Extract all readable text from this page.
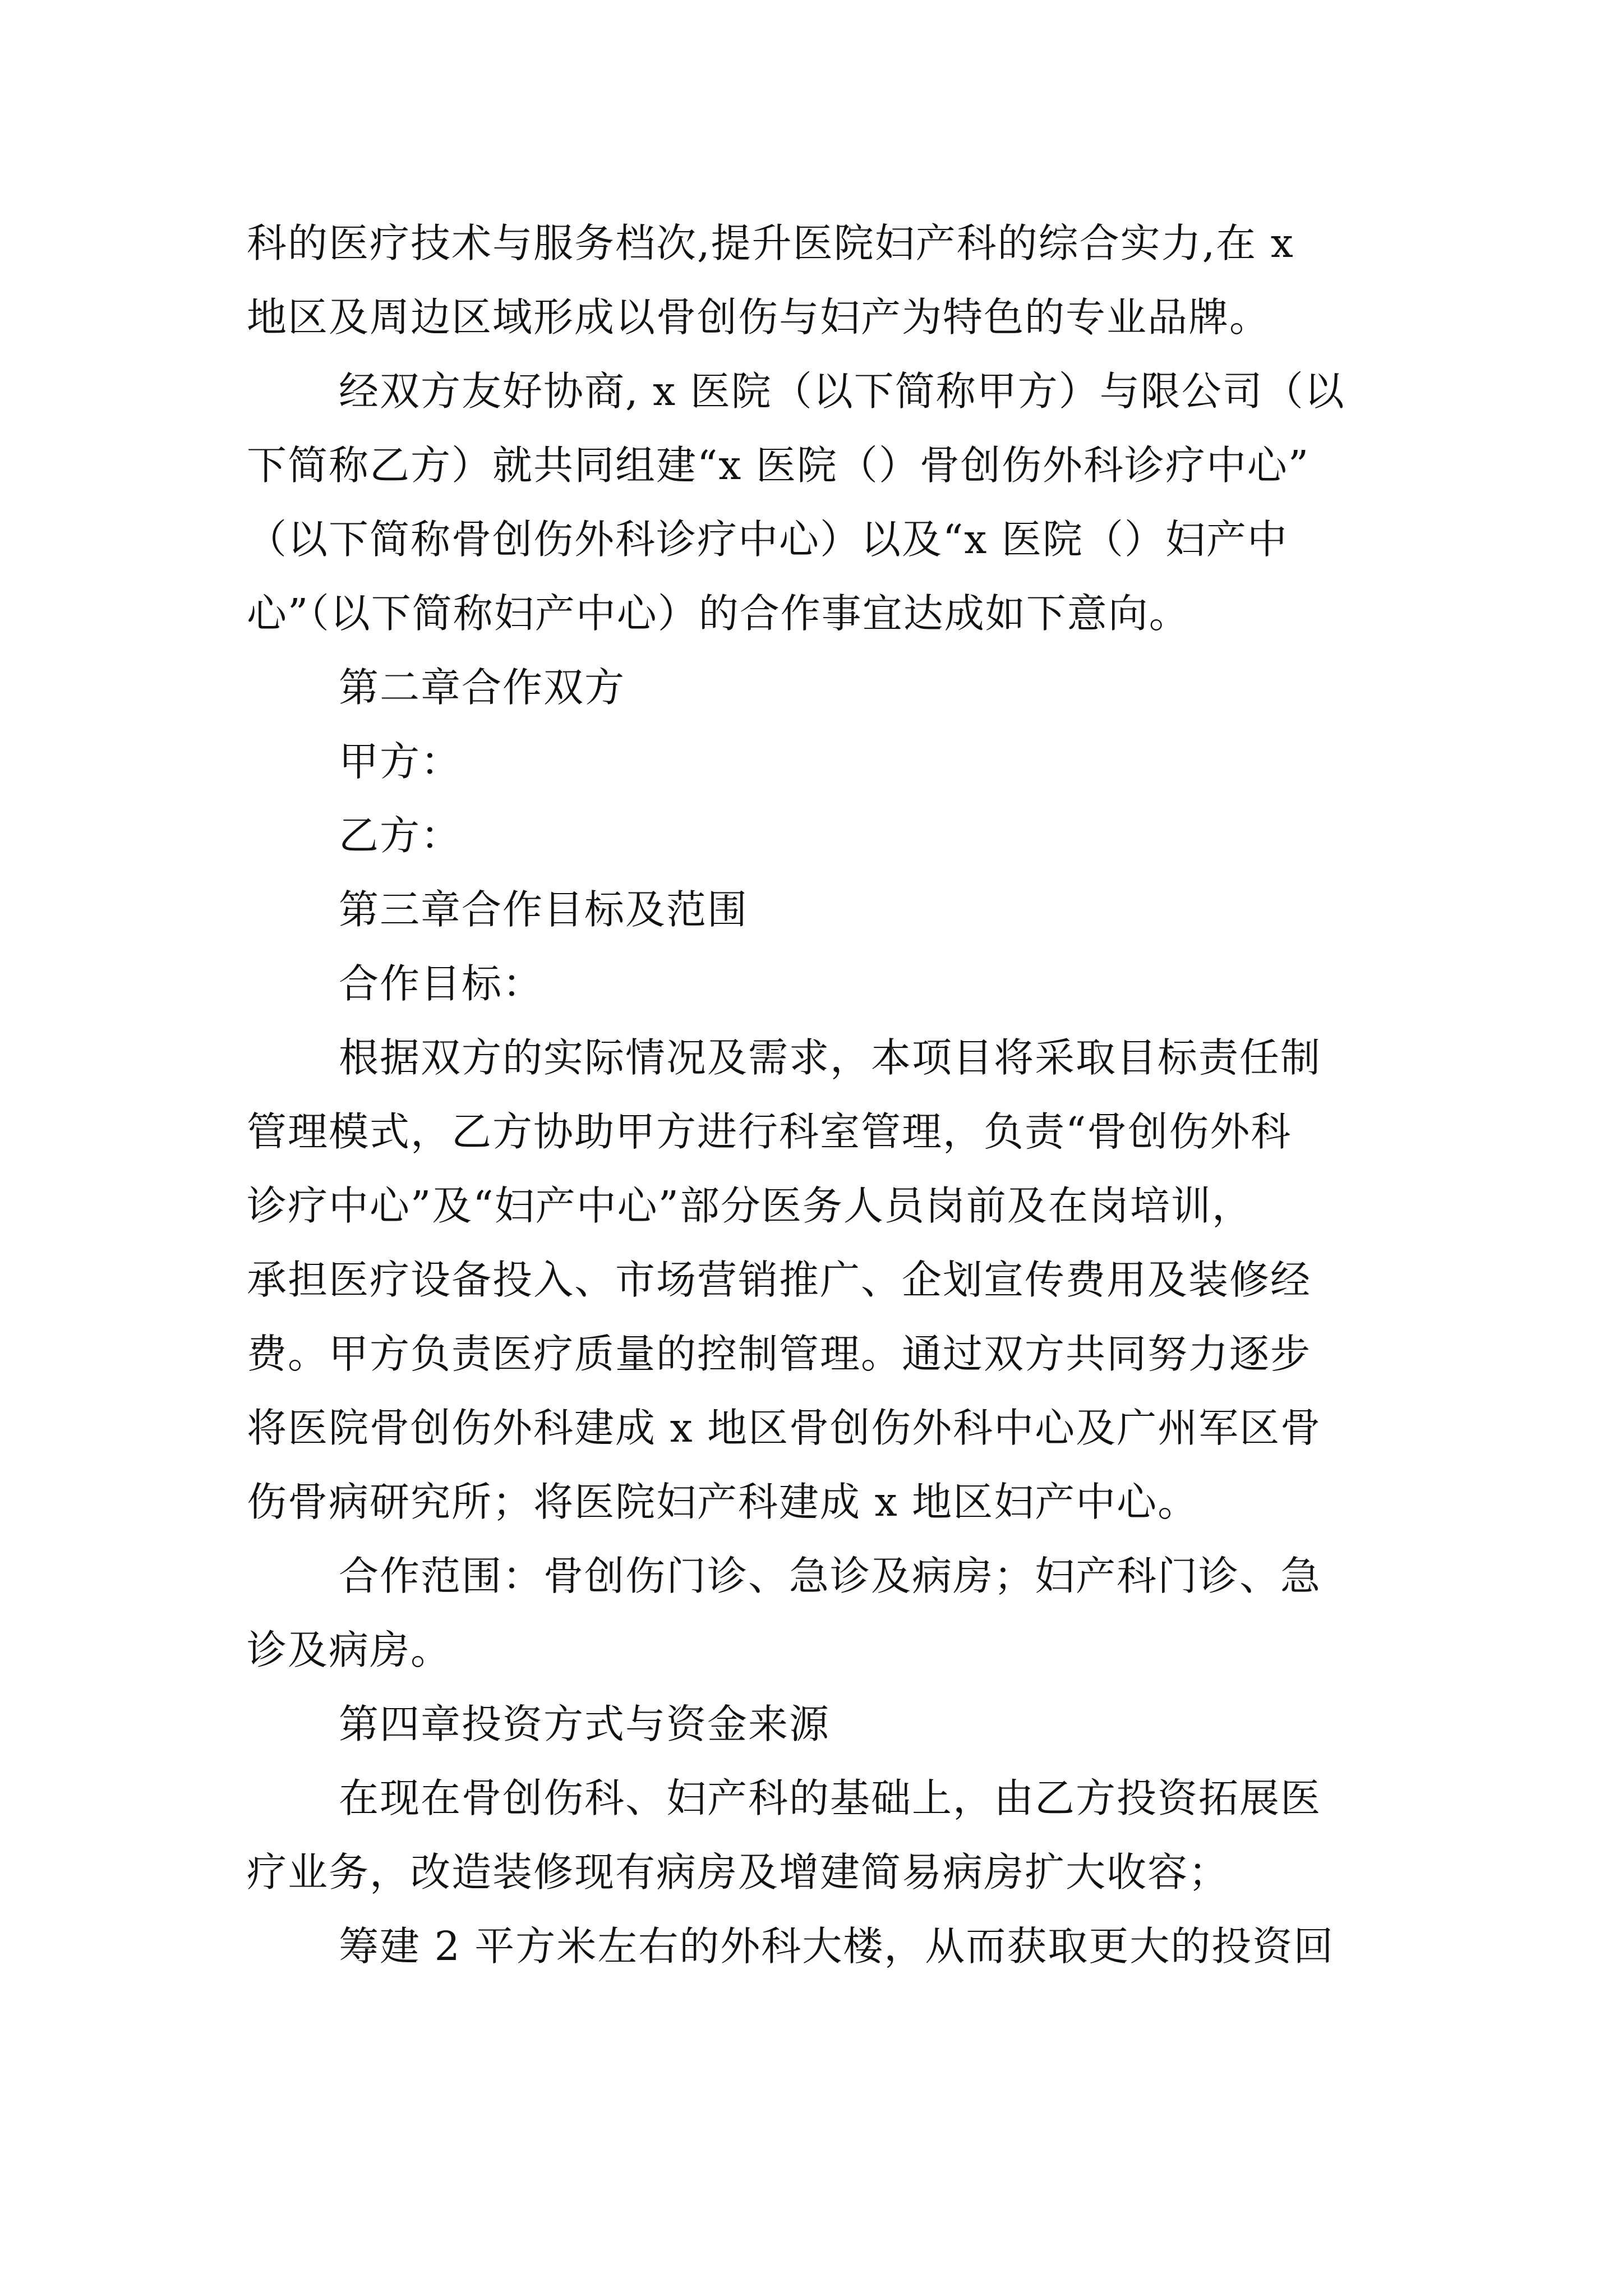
科的医疗技术与服务档次,提升医院妇产科的综合实力,在 x
地区及周边区域形成以骨创伤与妇产为特色的专业品牌。
经双方友好协商, x 医院（以下简称甲方）与限公司（以
下简称乙方）就共同组建“x 医院（）骨创伤外科诊疗中心”
（以下简称骨创伤外科诊疗中心）以及“x 医院（）妇产中
心”（以下简称妇产中心）的合作事宜达成如下意向。
第二章合作双方
甲方：
乙方：
第三章合作目标及范围
合作目标：
根据双方的实际情况及需求，本项目将采取目标责任制
管理模式，乙方协助甲方进行科室管理，负责“骨创伤外科
诊疗中心”及“妇产中心”部分医务人员岗前及在岗培训，
承担医疗设备投入、市场营销推广、企划宣传费用及装修经
费。甲方负责医疗质量的控制管理。通过双方共同努力逐步
将医院骨创伤外科建成 x 地区骨创伤外科中心及广州军区骨
伤骨病研究所；将医院妇产科建成 x 地区妇产中心。
合作范围：骨创伤门诊、急诊及病房；妇产科门诊、急
诊及病房。
第四章投资方式与资金来源
在现在骨创伤科、妇产科的基础上，由乙方投资拓展医
疗业务，改造装修现有病房及增建简易病房扩大收容；
筹建 2 平方米左右的外科大楼，从而获取更大的投资回
